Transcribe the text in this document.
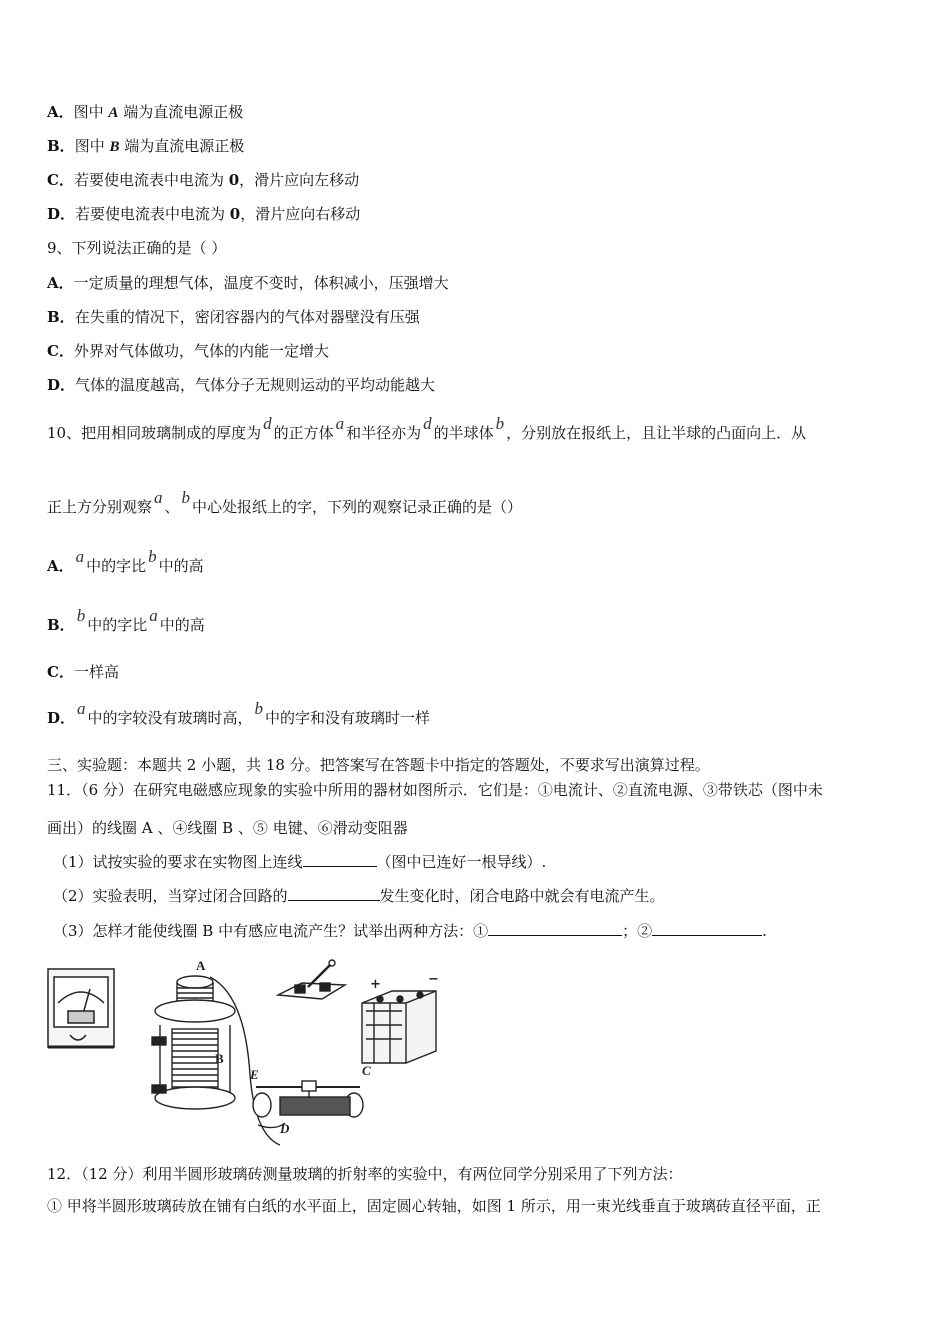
A．图中 A 端为直流电源正极
B．图中 B 端为直流电源正极
C．若要使电流表中电流为 0，滑片应向左移动
D．若要使电流表中电流为 0，滑片应向右移动
9、下列说法正确的是（ ）
A．一定质量的理想气体，温度不变时，体积减小，压强增大
B．在失重的情况下，密闭容器内的气体对器壁没有压强
C．外界对气体做功，气体的内能一定增大
D．气体的温度越高，气体分子无规则运动的平均动能越大
10、把用相同玻璃制成的厚度为 d 的正方体 a 和半径亦为 d 的半球体 b ，分别放在报纸上，且让半球的凸面向上．从
正上方分别观察 a 、 b 中心处报纸上的字，下列的观察记录正确的是（）
A． a 中的字比 b 中的高
B． b 中的字比 a 中的高
C．一样高
D． a 中的字较没有玻璃时高， b 中的字和没有玻璃时一样
三、实验题：本题共 2 小题，共 18 分。把答案写在答题卡中指定的答题处，不要求写出演算过程。
11．（6 分）在研究电磁感应现象的实验中所用的器材如图所示．它们是：①电流计、②直流电源、③带铁芯（图中未
画出）的线圈 A 、④线圈 B 、⑤ 电键、⑥滑动变阻器
（1）试按实验的要求在实物图上连线	（图中已连好一根导线）.
（2）实验表明，当穿过闭合回路的	发生变化时，闭合电路中就会有电流产生。
（3）怎样才能使线圈 B 中有感应电流产生？试举出两种方法：①	；②	.
A
B
+	−
E	C
D
12．（12 分）利用半圆形玻璃砖测量玻璃的折射率的实验中，有两位同学分别采用了下列方法：
① 甲将半圆形玻璃砖放在铺有白纸的水平面上，固定圆心转轴，如图 1 所示，用一束光线垂直于玻璃砖直径平面，正
